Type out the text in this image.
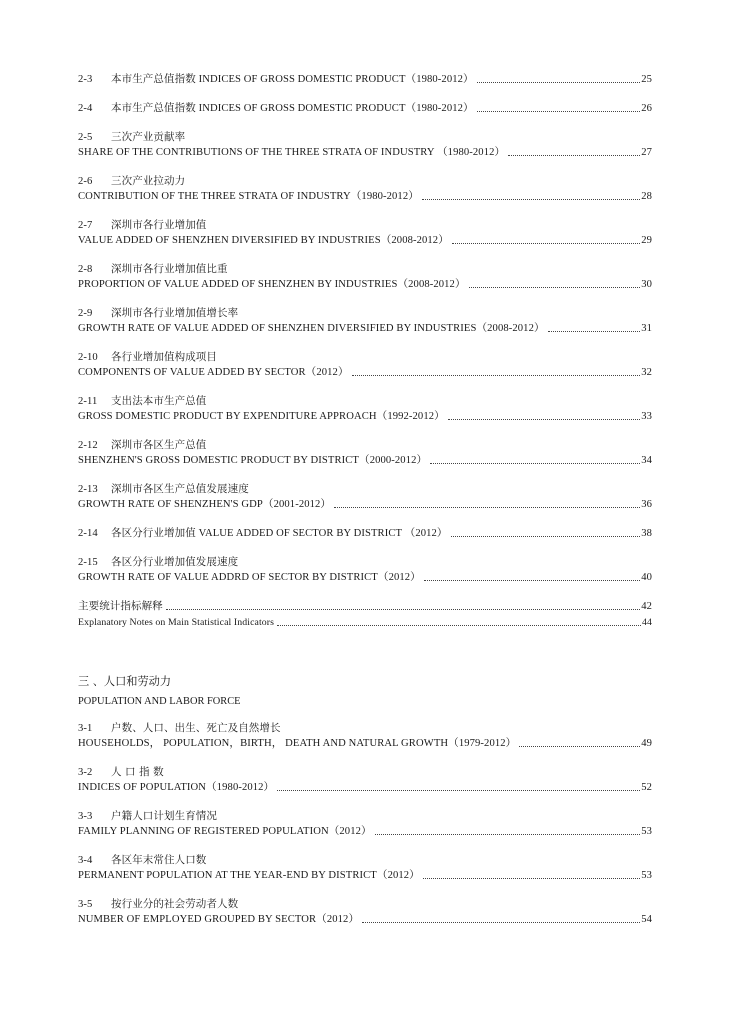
2-3 本市生产总值指数 INDICES OF GROSS DOMESTIC PRODUCT（1980-2012）	25
2-4 本市生产总值指数 INDICES OF GROSS DOMESTIC PRODUCT（1980-2012）	26
2-5 三次产业贡献率
SHARE OF THE CONTRIBUTIONS OF THE THREE STRATA OF INDUSTRY （1980-2012）	27
2-6 三次产业拉动力
CONTRIBUTION OF THE THREE STRATA OF INDUSTRY（1980-2012）	28
2-7 深圳市各行业增加值
VALUE ADDED OF SHENZHEN DIVERSIFIED BY INDUSTRIES（2008-2012）	29
2-8 深圳市各行业增加值比重
PROPORTION OF VALUE ADDED OF SHENZHEN BY INDUSTRIES（2008-2012）	30
2-9 深圳市各行业增加值增长率
GROWTH RATE OF VALUE ADDED OF SHENZHEN DIVERSIFIED BY INDUSTRIES（2008-2012）	31
2-10 各行业增加值构成项目
COMPONENTS OF VALUE ADDED BY SECTOR（2012）	32
2-11 支出法本市生产总值
GROSS DOMESTIC PRODUCT BY EXPENDITURE APPROACH（1992-2012）	33
2-12 深圳市各区生产总值
SHENZHEN'S GROSS DOMESTIC PRODUCT BY DISTRICT（2000-2012）	34
2-13 深圳市各区生产总值发展速度
GROWTH RATE OF SHENZHEN'S GDP（2001-2012）	36
2-14 各区分行业增加值 VALUE ADDED OF SECTOR BY DISTRICT （2012）	38
2-15 各区分行业增加值发展速度
GROWTH RATE OF VALUE ADDRD OF SECTOR BY DISTRICT（2012）	40
主要统计指标解释	42
Explanatory Notes on Main Statistical Indicators	44
三 、人口和劳动力
POPULATION AND LABOR FORCE
3-1 户数、人口、出生、死亡及自然增长
HOUSEHOLDS， POPULATION，BIRTH， DEATH AND NATURAL GROWTH（1979-2012）	49
3-2 人 口 指 数
INDICES OF POPULATION（1980-2012）	52
3-3 户籍人口计划生育情况
FAMILY PLANNING OF REGISTERED POPULATION（2012）	53
3-4 各区年末常住人口数
PERMANENT POPULATION AT THE YEAR-END BY DISTRICT（2012）	53
3-5 按行业分的社会劳动者人数
NUMBER OF EMPLOYED GROUPED BY SECTOR（2012）	54
